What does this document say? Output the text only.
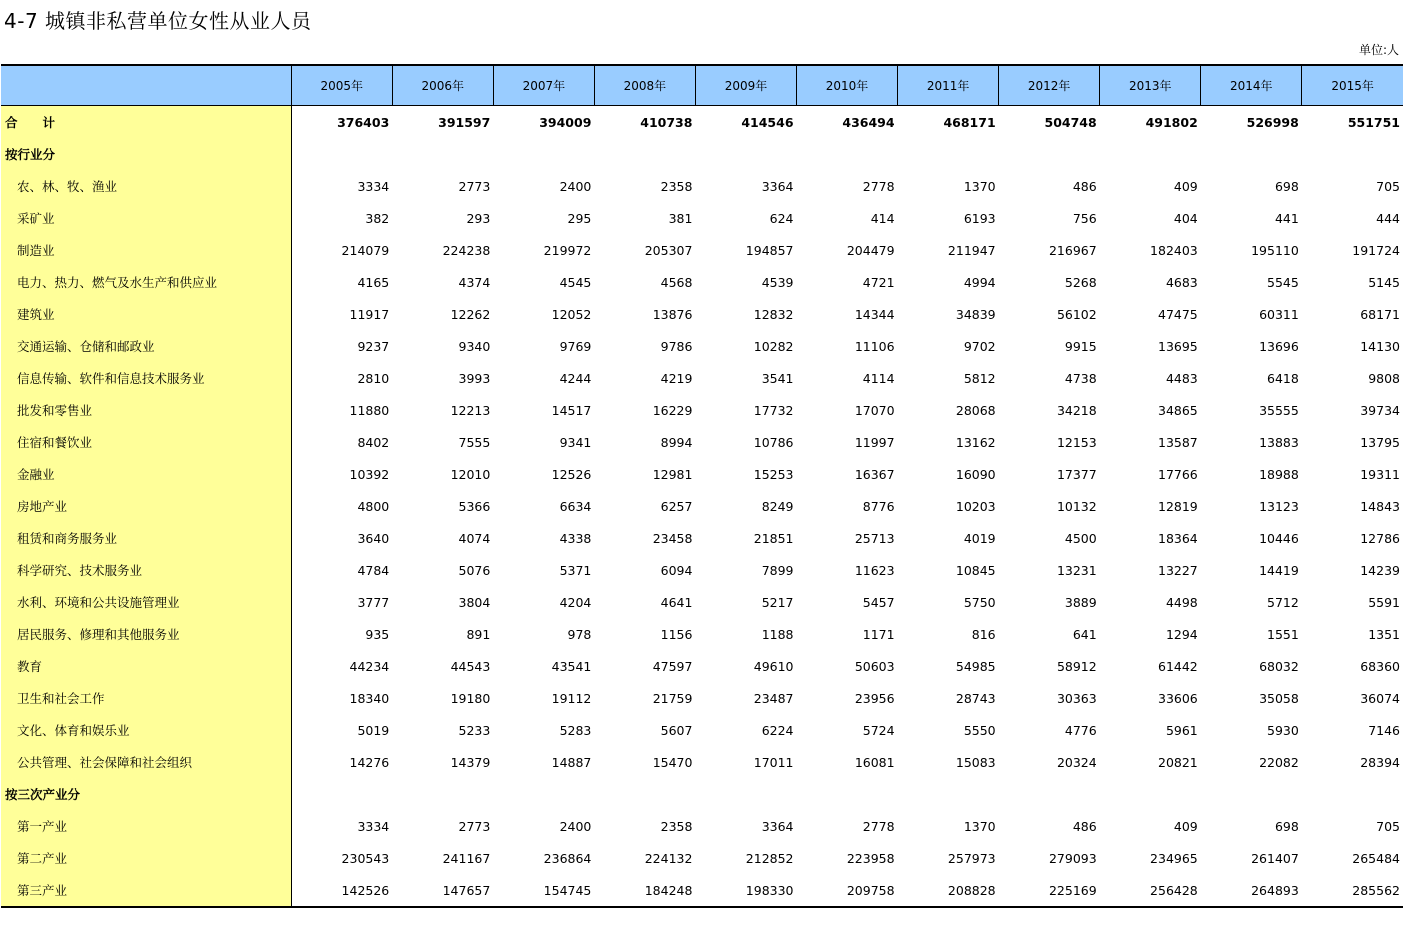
4-7 城镇非私营单位女性从业人员
单位:人
	2005年	2006年	2007年	2008年	2009年	2010年	2011年	2012年	2013年	2014年	2015年
合　　计	376403	391597	394009	410738	414546	436494	468171	504748	491802	526998	551751
按行业分											
农、林、牧、渔业	3334	2773	2400	2358	3364	2778	1370	486	409	698	705
采矿业	382	293	295	381	624	414	6193	756	404	441	444
制造业	214079	224238	219972	205307	194857	204479	211947	216967	182403	195110	191724
电力、热力、燃气及水生产和供应业	4165	4374	4545	4568	4539	4721	4994	5268	4683	5545	5145
建筑业	11917	12262	12052	13876	12832	14344	34839	56102	47475	60311	68171
交通运输、仓储和邮政业	9237	9340	9769	9786	10282	11106	9702	9915	13695	13696	14130
信息传输、软件和信息技术服务业	2810	3993	4244	4219	3541	4114	5812	4738	4483	6418	9808
批发和零售业	11880	12213	14517	16229	17732	17070	28068	34218	34865	35555	39734
住宿和餐饮业	8402	7555	9341	8994	10786	11997	13162	12153	13587	13883	13795
金融业	10392	12010	12526	12981	15253	16367	16090	17377	17766	18988	19311
房地产业	4800	5366	6634	6257	8249	8776	10203	10132	12819	13123	14843
租赁和商务服务业	3640	4074	4338	23458	21851	25713	4019	4500	18364	10446	12786
科学研究、技术服务业	4784	5076	5371	6094	7899	11623	10845	13231	13227	14419	14239
水利、环境和公共设施管理业	3777	3804	4204	4641	5217	5457	5750	3889	4498	5712	5591
居民服务、修理和其他服务业	935	891	978	1156	1188	1171	816	641	1294	1551	1351
教育	44234	44543	43541	47597	49610	50603	54985	58912	61442	68032	68360
卫生和社会工作	18340	19180	19112	21759	23487	23956	28743	30363	33606	35058	36074
文化、体育和娱乐业	5019	5233	5283	5607	6224	5724	5550	4776	5961	5930	7146
公共管理、社会保障和社会组织	14276	14379	14887	15470	17011	16081	15083	20324	20821	22082	28394
按三次产业分											
第一产业	3334	2773	2400	2358	3364	2778	1370	486	409	698	705
第二产业	230543	241167	236864	224132	212852	223958	257973	279093	234965	261407	265484
第三产业	142526	147657	154745	184248	198330	209758	208828	225169	256428	264893	285562
